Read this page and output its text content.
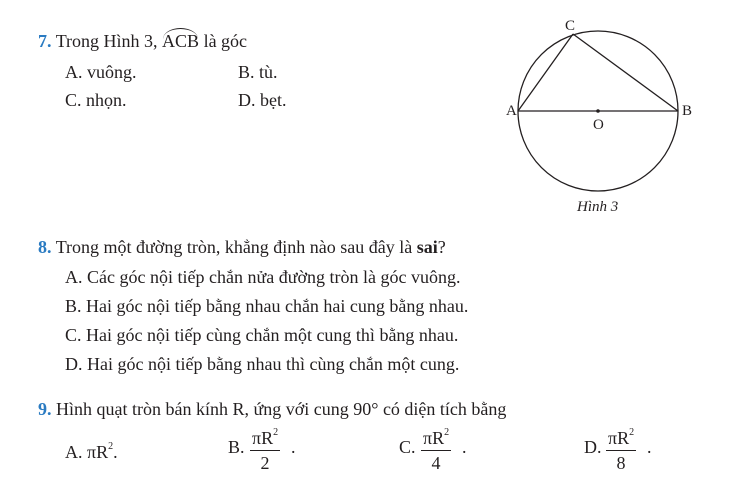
7. Trong Hình 3, ACB là góc
A. vuông.	B. tù.
C. nhọn.	D. bẹt.
A	B
C
O
Hình 3
8. Trong một đường tròn, khẳng định nào sau đây là sai?
A. Các góc nội tiếp chắn nửa đường tròn là góc vuông.
B. Hai góc nội tiếp bằng nhau chắn hai cung bằng nhau.
C. Hai góc nội tiếp cùng chắn một cung thì bằng nhau.
D. Hai góc nội tiếp bằng nhau thì cùng chắn một cung.
9. Hình quạt tròn bán kính R, ứng với cung 90° có diện tích bằng
A. $\pi R^2$.	B. $\pi R^2$
2
.	C. $\pi R^2$
4
.	D. $\pi R^2$
8
.
